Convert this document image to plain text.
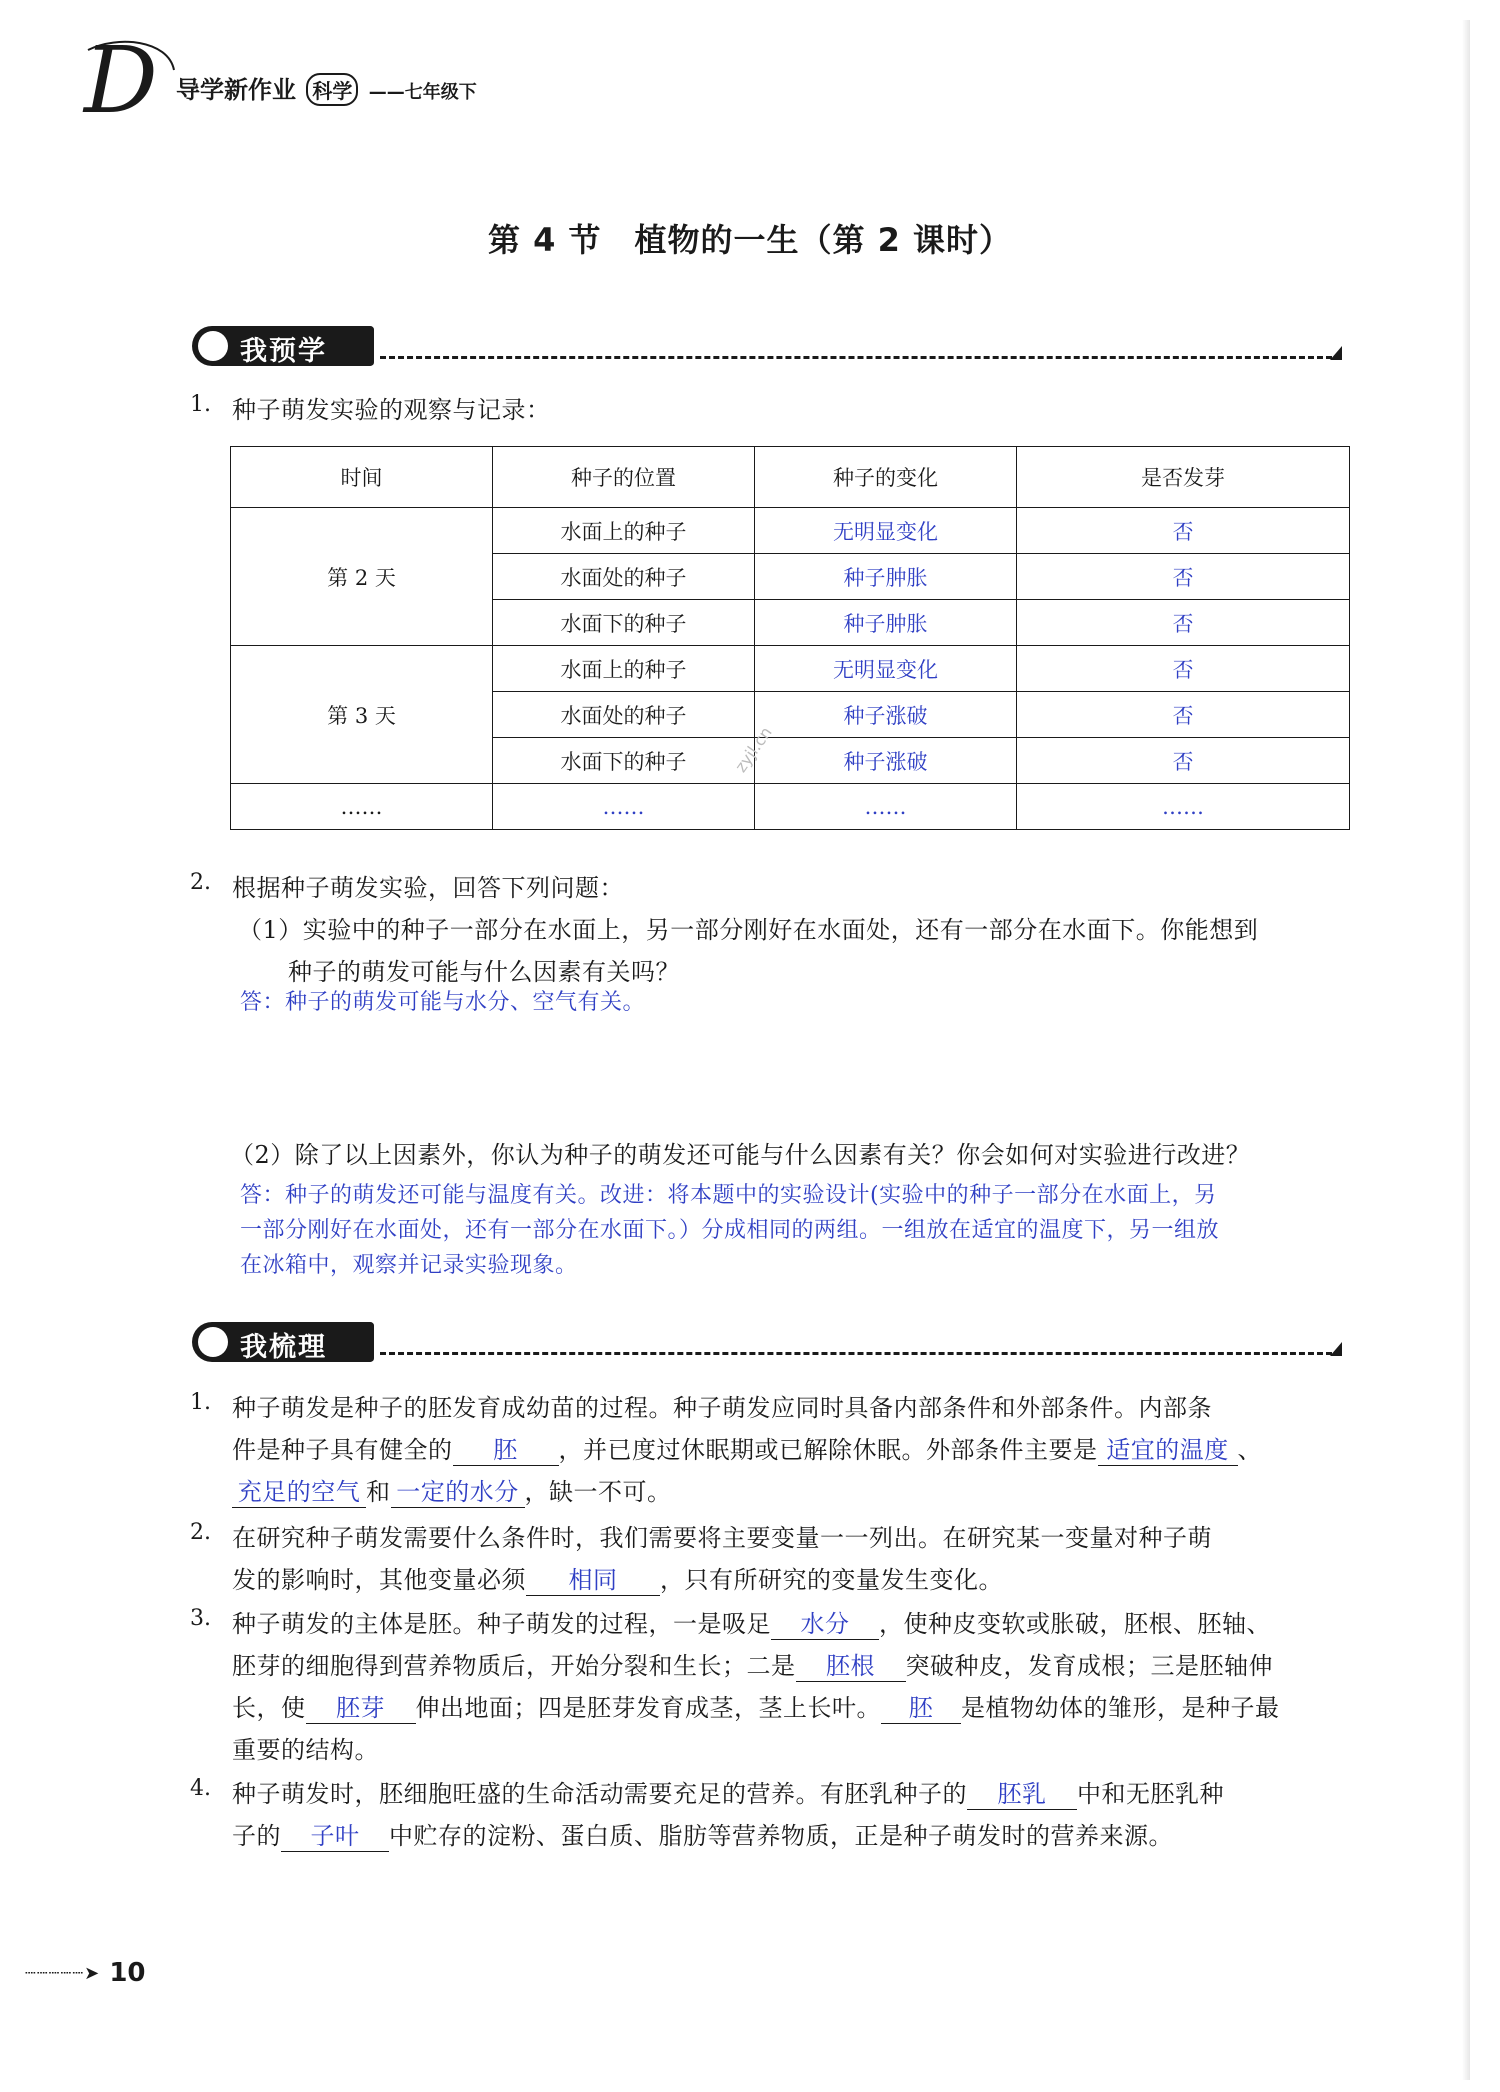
D 导学新作业 科学 ——七年级下
第 4 节　植物的一生（第 2 课时）
我预学
1. 种子萌发实验的观察与记录：
时间	种子的位置	种子的变化	是否发芽
第 2 天	水面上的种子	无明显变化	否
	水面处的种子	种子肿胀	否
	水面下的种子	种子肿胀	否
第 3 天	水面上的种子	无明显变化	否
	水面处的种子	种子涨破	否
	水面下的种子	种子涨破	否
……	……	……	……
zyjl.cn
2. 根据种子萌发实验，回答下列问题：
（1）实验中的种子一部分在水面上，另一部分刚好在水面处，还有一部分在水面下。你能想到
种子的萌发可能与什么因素有关吗？
答：种子的萌发可能与水分、空气有关。
（2）除了以上因素外，你认为种子的萌发还可能与什么因素有关？你会如何对实验进行改进？
答：种子的萌发还可能与温度有关。改进：将本题中的实验设计(实验中的种子一部分在水面上，另
一部分刚好在水面处，还有一部分在水面下。）分成相同的两组。一组放在适宜的温度下，另一组放
在冰箱中，观察并记录实验现象。
我梳理
1. 种子萌发是种子的胚发育成幼苗的过程。种子萌发应同时具备内部条件和外部条件。内部条
件是种子具有健全的 胚 ，并已度过休眠期或已解除休眠。外部条件主要是 适宜的温度 、
充足的空气 和 一定的水分 ，缺一不可。
2. 在研究种子萌发需要什么条件时，我们需要将主要变量一一列出。在研究某一变量对种子萌
发的影响时，其他变量必须 相同 ，只有所研究的变量发生变化。
3. 种子萌发的主体是胚。种子萌发的过程，一是吸足 水分 ，使种皮变软或胀破，胚根、胚轴、
胚芽的细胞得到营养物质后，开始分裂和生长；二是 胚根 突破种皮，发育成根；三是胚轴伸
长，使 胚芽 伸出地面；四是胚芽发育成茎，茎上长叶。 胚 是植物幼体的雏形，是种子最
重要的结构。
4. 种子萌发时，胚细胞旺盛的生命活动需要充足的营养。有胚乳种子的 胚乳 中和无胚乳种
子的 子叶 中贮存的淀粉、蛋白质、脂肪等营养物质，正是种子萌发时的营养来源。
┈┈┈┈┈➤ 10
